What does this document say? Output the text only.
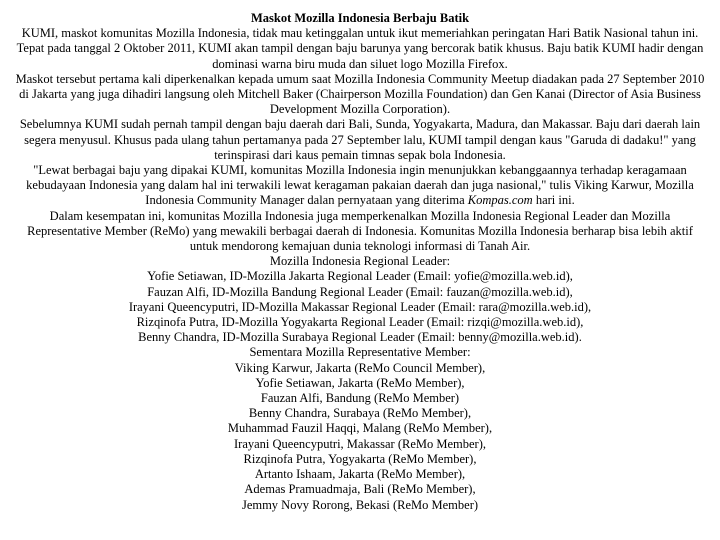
Maskot Mozilla Indonesia Berbaju Batik

KUMI, maskot komunitas Mozilla Indonesia, tidak mau ketinggalan untuk ikut memeriahkan peringatan Hari Batik Nasional tahun ini. Tepat pada tanggal 2 Oktober 2011, KUMI akan tampil dengan baju barunya yang bercorak batik khusus. Baju batik KUMI hadir dengan dominasi warna biru muda dan siluet logo Mozilla Firefox.

Maskot tersebut pertama kali diperkenalkan kepada umum saat Mozilla Indonesia Community Meetup diadakan pada 27 September 2010 di Jakarta yang juga dihadiri langsung oleh Mitchell Baker (Chairperson Mozilla Foundation) dan Gen Kanai (Director of Asia Business Development Mozilla Corporation).

Sebelumnya KUMI sudah pernah tampil dengan baju daerah dari Bali, Sunda, Yogyakarta, Madura, dan Makassar. Baju dari daerah lain segera menyusul. Khusus pada ulang tahun pertamanya pada 27 September lalu, KUMI tampil dengan kaus "Garuda di dadaku!" yang terinspirasi dari kaus pemain timnas sepak bola Indonesia.

"Lewat berbagai baju yang dipakai KUMI, komunitas Mozilla Indonesia ingin menunjukkan kebanggaannya terhadap keragamaan kebudayaan Indonesia yang dalam hal ini terwakili lewat keragaman pakaian daerah dan juga nasional," tulis Viking Karwur, Mozilla Indonesia Community Manager dalan pernyataan yang diterima Kompas.com hari ini.

Dalam kesempatan ini, komunitas Mozilla Indonesia juga memperkenalkan Mozilla Indonesia Regional Leader dan Mozilla Representative Member (ReMo) yang mewakili berbagai daerah di Indonesia. Komunitas Mozilla Indonesia berharap bisa lebih aktif untuk mendorong kemajuan dunia teknologi informasi di Tanah Air.

Mozilla Indonesia Regional Leader:

Yofie Setiawan, ID-Mozilla Jakarta Regional Leader (Email: yofie@mozilla.web.id),

Fauzan Alfi, ID-Mozilla Bandung Regional Leader (Email: fauzan@mozilla.web.id),

Irayani Queencyputri, ID-Mozilla Makassar Regional Leader (Email: rara@mozilla.web.id),

Rizqinofa Putra, ID-Mozilla Yogyakarta Regional Leader (Email: rizqi@mozilla.web.id),

Benny Chandra, ID-Mozilla Surabaya Regional Leader (Email: benny@mozilla.web.id).

Sementara Mozilla Representative Member:

Viking Karwur, Jakarta (ReMo Council Member),

Yofie Setiawan, Jakarta (ReMo Member),

Fauzan Alfi, Bandung (ReMo Member)

Benny Chandra, Surabaya (ReMo Member),

Muhammad Fauzil Haqqi, Malang (ReMo Member),

Irayani Queencyputri, Makassar (ReMo Member),

Rizqinofa Putra, Yogyakarta (ReMo Member),

Artanto Ishaam, Jakarta (ReMo Member),

Ademas Pramuadmaja, Bali (ReMo Member),

Jemmy Novy Rorong, Bekasi (ReMo Member)
